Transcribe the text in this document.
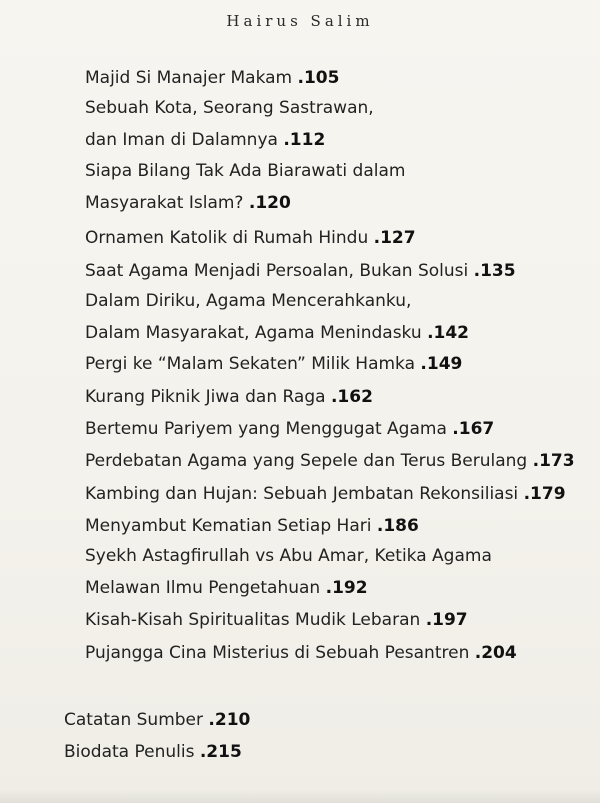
Hairus Salim
Majid Si Manajer Makam .105
Sebuah Kota, Seorang Sastrawan,
dan Iman di Dalamnya .112
Siapa Bilang Tak Ada Biarawati dalam
Masyarakat Islam? .120
Ornamen Katolik di Rumah Hindu .127
Saat Agama Menjadi Persoalan, Bukan Solusi .135
Dalam Diriku, Agama Mencerahkanku,
Dalam Masyarakat, Agama Menindasku .142
Pergi ke “Malam Sekaten” Milik Hamka .149
Kurang Piknik Jiwa dan Raga .162
Bertemu Pariyem yang Menggugat Agama .167
Perdebatan Agama yang Sepele dan Terus Berulang .173
Kambing dan Hujan: Sebuah Jembatan Rekonsiliasi .179
Menyambut Kematian Setiap Hari .186
Syekh Astagfirullah vs Abu Amar, Ketika Agama
Melawan Ilmu Pengetahuan .192
Kisah-Kisah Spiritualitas Mudik Lebaran .197
Pujangga Cina Misterius di Sebuah Pesantren .204
Catatan Sumber .210
Biodata Penulis .215
